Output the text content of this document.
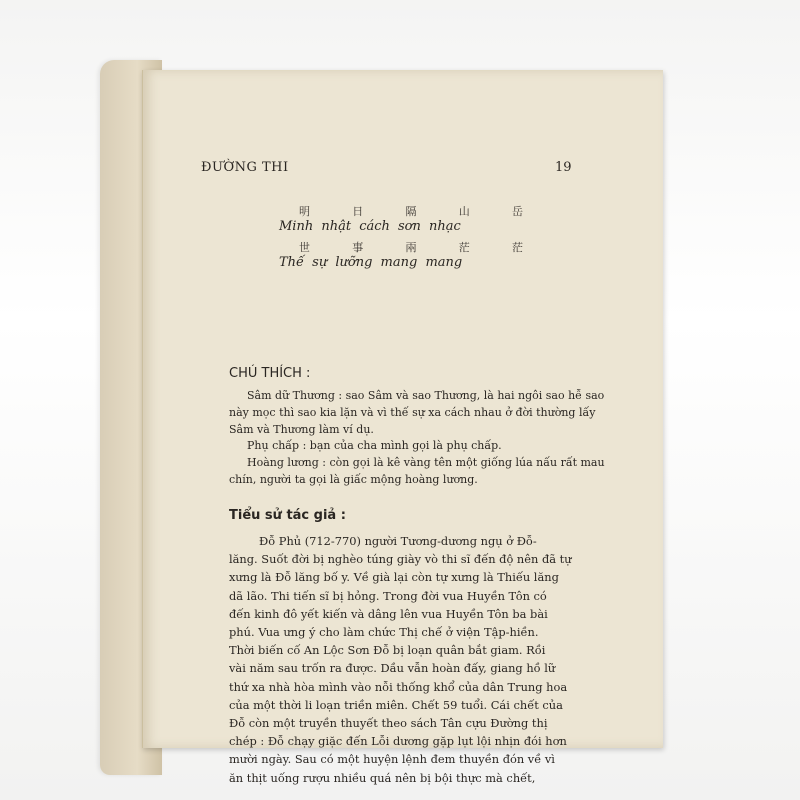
ĐƯỜNG THI	19
明	日	隔	山	岳
Minh nhật cách sơn nhạc
世	事	兩	茫	茫
Thế sự lưỡng mang mang
CHÚ THÍCH :

Sâm dữ Thương : sao Sâm và sao Thương, là hai ngôi sao hễ sao này mọc thì sao kia lặn và vì thế sự xa cách nhau ở đời thường lấy Sâm và Thương làm ví dụ.

Phụ chấp : bạn của cha mình gọi là phụ chấp.

Hoàng lương : còn gọi là kê vàng tên một giống lúa nấu rất mau chín, người ta gọi là giấc mộng hoàng lương.

Tiểu sử tác giả :
Đỗ Phủ (712-770) người Tương-dương ngụ ở Đỗ-
lăng. Suốt đời bị nghèo túng giày vò thi sĩ đến độ nên đã tự
xưng là Đỗ lăng bố y. Về già lại còn tự xưng là Thiếu lăng
dã lão. Thi tiến sĩ bị hỏng. Trong đời vua Huyền Tôn có
đến kinh đô yết kiến và dâng lên vua Huyền Tôn ba bài
phú. Vua ưng ý cho làm chức Thị chế ở viện Tập-hiền.
Thời biến cố An Lộc Sơn Đỗ bị loạn quân bắt giam. Rồi
vài năm sau trốn ra được. Dầu vẫn hoàn đấy, giang hồ lữ
thứ xa nhà hòa mình vào nỗi thống khổ của dân Trung hoa
của một thời li loạn triền miên. Chết 59 tuổi. Cái chết của
Đỗ còn một truyền thuyết theo sách Tân cựu Đường thị
chép : Đỗ chạy giặc đến Lỗi dương gặp lụt lội nhịn đói hơn
mười ngày. Sau có một huyện lệnh đem thuyền đón về vì
ăn thịt uống rượu nhiều quá nên bị bội thực mà chết,
